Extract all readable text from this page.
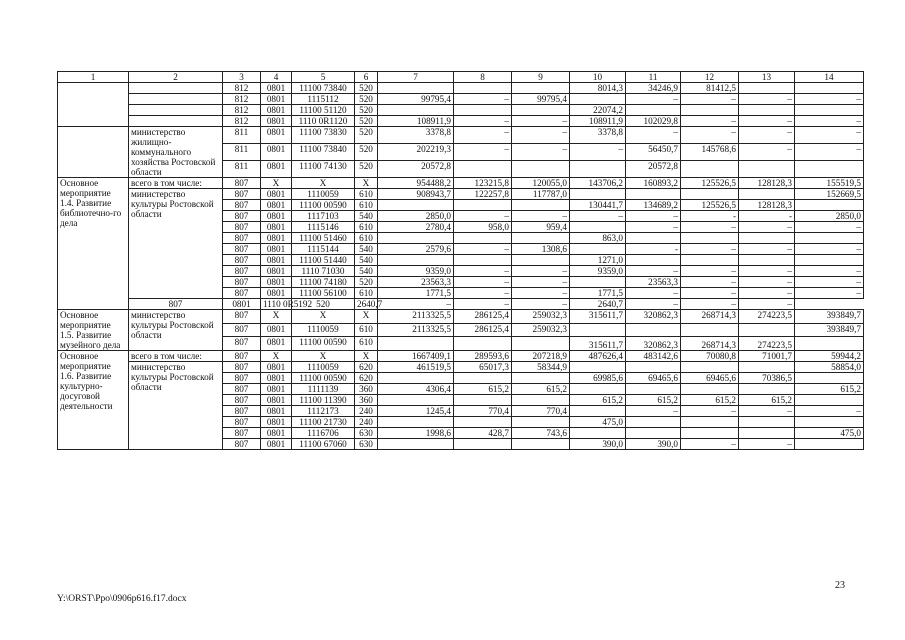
1	2	3	4	5	6	7	8	9	10	11	12	13	14
		812	0801	11100 73840	520				8014,3	34246,9	81412,5		
		812	0801	1115112	520	99795,4	–	99795,4		–	–	–	–
		812	0801	11100 51120	520				22074,2				
		812	0801	1110 0R1120	520	108911,9	–	–	108911,9	102029,8	–	–	–
	министерство жилищно-коммунального хозяйства Ростовской области	811	0801	11100 73830	520	3378,8	–	–	3378,8	–	–	–	–
		811	0801	11100 73840	520	202219,3	–	–	–	56450,7	145768,6	–	–
		811	0801	11100 74130	520	20572,8				20572,8			
Основное мероприятие 1.4. Развитие библиотечно-го дела	всего в том числе:	807	Х	Х	Х	954488,2	123215,8	120055,0	143706,2	160893,2	125526,5	128128,3	155519,5
	министерство культуры Ростовской области	807	0801	1110059	610	908943,7	122257,8	117787,0					152669,5
		807	0801	11100 00590	610				130441,7	134689,2	125526,5	128128,3	
		807	0801	1117103	540	2850,0	–	–	–	–	-	-	2850,0
		807	0801	1115146	610	2780,4	958,0	959,4		–	–	–	–
		807	0801	11100 51460	610				863,0				
		807	0801	1115144	540	2579,6	–	1308,6		-	–	–	–
		807	0801	11100 51440	540				1271,0				
		807	0801	1110 71030	540	9359,0	–	–	9359,0	–	–	–	–
		807	0801	11100 74180	520	23563,3	–	–		23563,3	–	–	–
		807	0801	11100 56100	610	1771,5	–	–	1771,5	–	–	–	–
	807	0801	1110 0R5192	520	2640,7	–	–	–	2640,7	–	–	–	
Основное мероприятие 1.5. Развитие музейного дела	министерство культуры Ростовской области	807	Х	Х	Х	2113325,5	286125,4	259032,3	315611,7	320862,3	268714,3	274223,5	393849,7
		807	0801	1110059	610	2113325,5	286125,4	259032,3					393849,7
		807	0801	11100 00590	610				315611,7	320862,3	268714,3	274223,5	
Основное мероприятие 1.6. Развитие культурно-досуговой деятельности	всего в том числе:	807	Х	Х	Х	1667409,1	289593,6	207218,9	487626,4	483142,6	70080,8	71001,7	59944,2
	министерство культуры Ростовской области	807	0801	1110059	620	461519,5	65017,3	58344,9					58854,0
		807	0801	11100 00590	620				69985,6	69465,6	69465,6	70386,5	
		807	0801	1111139	360	4306,4	615,2	615,2					615,2
		807	0801	11100 11390	360				615,2	615,2	615,2	615,2	
		807	0801	1112173	240	1245,4	770,4	770,4		–	–	–	–
		807	0801	11100 21730	240				475,0				
		807	0801	1116706	630	1998,6	428,7	743,6					475,0
		807	0801	11100 67060	630				390,0	390,0	–	–	
23
Y:\ORST\Ppo\0906p616.f17.docx
